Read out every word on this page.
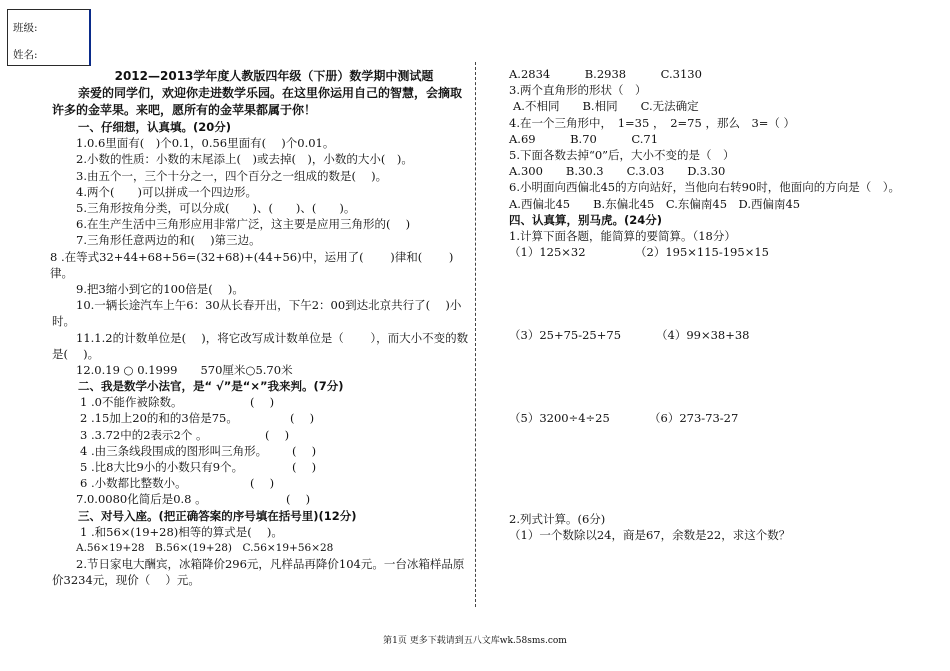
班级:
姓名:
2012—2013学年度人教版四年级（下册）数学期中测试题
亲爱的同学们，欢迎你走进数学乐园。在这里你运用自己的智慧，会摘取许多的金苹果。来吧，愿所有的金苹果都属于你！
一、仔细想，认真填。(20分)
1.0.6里面有(　)个0.1，0.56里面有(　 )个0.01。
2.小数的性质：小数的末尾添上(　)或去掉(　)，小数的大小(　)。
3.由五个一，三个十分之一，四个百分之一组成的数是(　 )。
4.两个(　　)可以拼成一个四边形。
5.三角形按角分类，可以分成(　　)、(　　)、(　　)。
6.在生产生活中三角形应用非常广泛，这主要是应用三角形的(　 )
7.三角形任意两边的和(　 )第三边。
8 .在等式32+44+68+56=(32+68)+(44+56)中，运用了(　　 )律和(　　 )律。
9.把3缩小到它的100倍是(　 )。
10.一辆长途汽车上午6：30从长春开出，下午2：00到达北京共行了(　 )小时。
11.1.2的计数单位是(　 )，将它改写成计数单位是（　　 ），而大小不变的数是(　 )。
12.0.19 ○ 0.1999　　570厘米○5.70米
二、我是数学小法官，是“ √”是“×”我来判。(7分)
1 .0不能作被除数。	(　 )
2 .15加上20的和的3倍是75。	(　 )
3 .3.72中的2表示2个 。	(　 )
4 .由三条线段围成的图形叫三角形。 (　 )
5 .比8大比9小的小数只有9个。	(　 )
6 .小数都比整数小。	(　 )
7.0.0080化简后是0.8 。	(　 )
三、对号入座。(把正确答案的序号填在括号里)(12分)
1 .和56×(19+28)相等的算式是(　 )。
A.56×19+28　B.56×(19+28)　C.56×19+56×28
2.节日家电大酬宾，冰箱降价296元，凡样品再降价104元。一台冰箱样品原价3234元，现价（　 ）元。
A.2834　　　B.2938　　　C.3130
3.两个直角形的形状（　）
A.不相同　　B.相同　　C.无法确定
4.在一个三角形中，　1=35 ，　2=75 ，那么　3=（ ）
A.69　　　B.70　　　C.71
5.下面各数去掉“0”后，大小不变的是（　）
A.300　　B.30.3　　C.3.03　　D.3.30
6.小明面向西偏北45的方向站好，当他向右转90时，他面向的方向是（　）。
A.西偏北45　　B.东偏北45　C.东偏南45　D.西偏南45
四、认真算，别马虎。(24分)
1.计算下面各题，能简算的要简算。（18分）
（1）125×32	（2）195×115-195×15
（3）25+75-25+75	（4）99×38+38
（5）3200÷4÷25	（6）273-73-27
2.列式计算。(6分)
（1）一个数除以24，商是67，余数是22，求这个数？
第1页 更多下载请到五八文库wk.58sms.com
